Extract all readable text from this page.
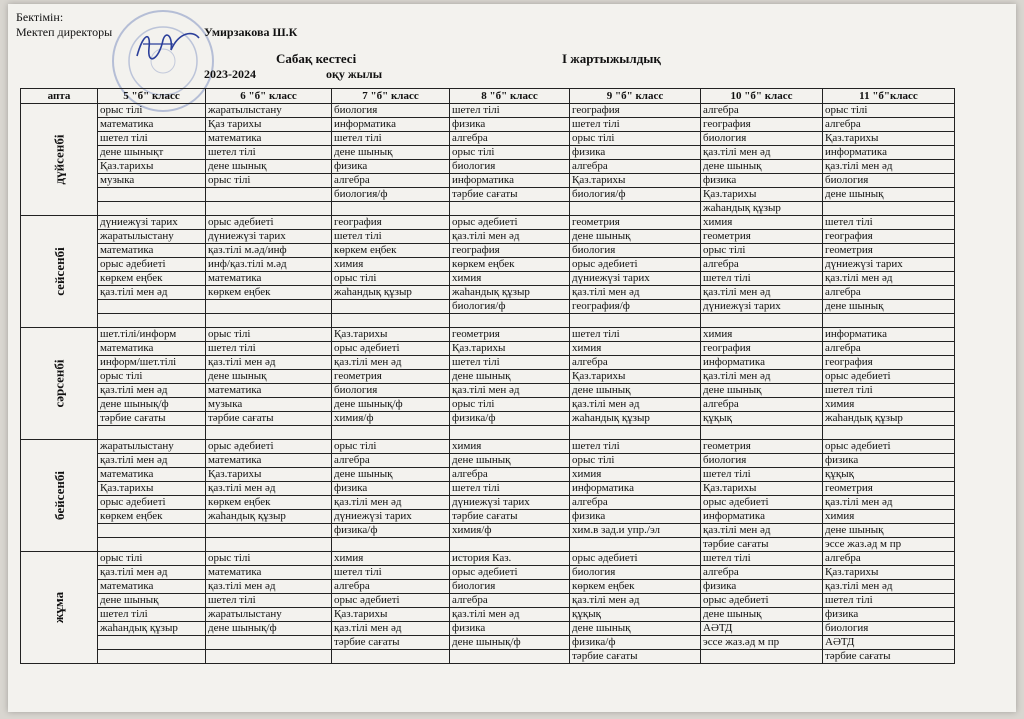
Бектімін:
Мектеп директоры	Умирзакова Ш.К
Сабақ кестесі	І жартыжылдық
2023-2024	оқу жылы
апта	5 "б" класс	6 "б" класс	7 "б" класс	8 "б" класс	9 "б" класс	10 "б" класс	11 "б"класс
дүйсенбі	орыс тілі	жаратылыстану	биология	шетел тілі	география	алгебра	орыс тілі
	математика	Қаз тарихы	информатика	физика	шетел тілі	география	алгебра
	шетел тілі	математика	шетел тілі	алгебра	орыс тілі	биология	Қаз.тарихы
	дене шынықт	шетел тілі	дене шынық	орыс тілі	физика	қаз.тілі мен әд	информатика
	Қаз.тарихы	дене шынық	физика	биология	алгебра	дене шынық	қаз.тілі мен әд
	музыка	орыс тілі	алгебра	информатика	Қаз.тарихы	физика	биология
			биология/ф	тәрбие сағаты	биология/ф	Қаз.тарихы	дене шынық
						жаһандық құзыр	
сейсенбі	дүниежүзі тарих	орыс әдебиеті	география	орыс әдебиеті	геометрия	химия	шетел тілі
	жаратылыстану	дүниежүзі тарих	шетел тілі	қаз.тілі мен әд	дене шынық	геометрия	география
	математика	қаз.тілі м.әд/инф	көркем еңбек	география	биология	орыс тілі	геометрия
	орыс әдебиеті	инф/қаз.тілі м.әд	химия	көркем еңбек	орыс әдебиеті	алгебра	дүниежүзі тарих
	көркем еңбек	математика	орыс тілі	химия	дүниежүзі тарих	шетел тілі	қаз.тілі мен әд
	қаз.тілі мен әд	көркем еңбек	жаһандық құзыр	жаһандық құзыр	қаз.тілі мен әд	қаз.тілі мен әд	алгебра
				биология/ф	география/ф	дүниежүзі тарих	дене шынық

сәрсенбі	шет.тілі/информ	орыс тілі	Қаз.тарихы	геометрия	шетел тілі	химия	информатика
	математика	шетел тілі	орыс әдебиеті	Қаз.тарихы	химия	география	алгебра
	информ/шет.тілі	қаз.тілі мен әд	қаз.тілі мен әд	шетел тілі	алгебра	информатика	география
	орыс тілі	дене шынық	геометрия	дене шынық	Қаз.тарихы	қаз.тілі мен әд	орыс әдебиеті
	қаз.тілі мен әд	математика	биология	қаз.тілі мен әд	дене шынық	дене шынық	шетел тілі
	дене шынық/ф	музыка	дене шынық/ф	орыс тілі	қаз.тілі мен әд	алгебра	химия
	тәрбие сағаты	тәрбие сағаты	химия/ф	физика/ф	жаһандық құзыр	құқық	жаһандық құзыр

бейсенбі	жаратылыстану	орыс әдебиеті	орыс тілі	химия	шетел тілі	геометрия	орыс әдебиеті
	қаз.тілі мен әд	математика	алгебра	дене шынық	орыс тілі	биология	физика
	математика	Қаз.тарихы	дене шынық	алгебра	химия	шетел тілі	құқық
	Қаз.тарихы	қаз.тілі мен әд	физика	шетел тілі	информатика	Қаз.тарихы	геометрия
	орыс әдебиеті	көркем еңбек	қаз.тілі мен әд	дүниежүзі тарих	алгебра	орыс әдебиеті	қаз.тілі мен әд
	көркем еңбек	жаһандық құзыр	дүниежүзі тарих	тәрбие сағаты	физика	информатика	химия
			физика/ф	химия/ф	хим.в зад.и упр./эл	қаз.тілі мен әд	дене шынық
						тәрбие сағаты	эссе жаз.әд м пр
жұма	орыс тілі	орыс тілі	химия	история Каз.	орыс әдебиеті	шетел тілі	алгебра
	қаз.тілі мен әд	математика	шетел тілі	орыс әдебиеті	биология	алгебра	Қаз.тарихы
	математика	қаз.тілі мен әд	алгебра	биология	көркем еңбек	физика	қаз.тілі мен әд
	дене шынық	шетел тілі	орыс әдебиеті	алгебра	қаз.тілі мен әд	орыс әдебиеті	шетел тілі
	шетел тілі	жаратылыстану	Қаз.тарихы	қаз.тілі мен әд	құқық	дене шынық	физика
	жаһандық құзыр	дене шынық/ф	қаз.тілі мен әд	физика	дене шынық	АӘТД	биология
			тәрбие сағаты	дене шынық/ф	физика/ф	эссе жаз.әд м пр	АӘТД
					тәрбие сағаты		тәрбие сағаты
